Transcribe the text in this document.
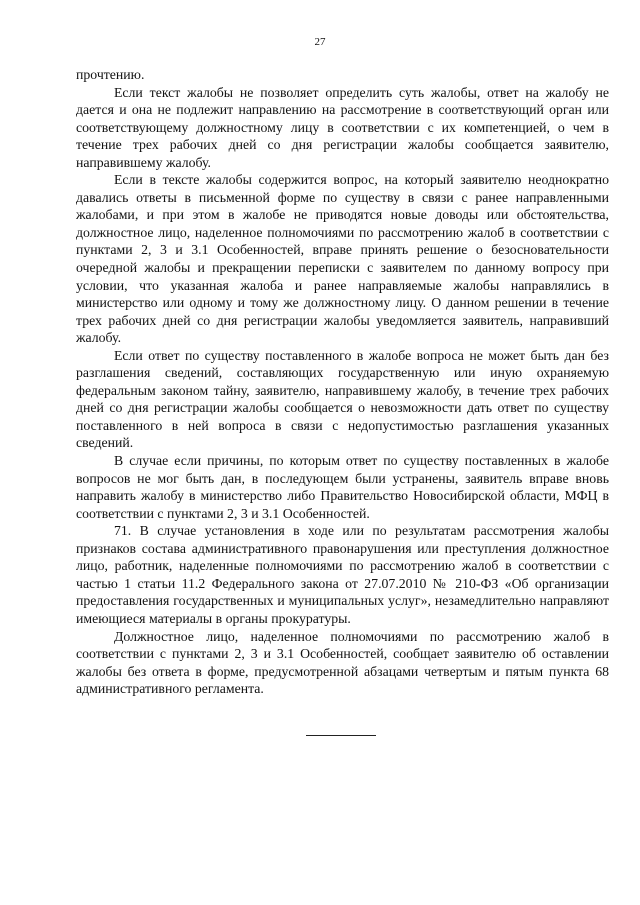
27

прочтению.

Если текст жалобы не позволяет определить суть жалобы, ответ на жалобу не дается и она не подлежит направлению на рассмотрение в соответствующий орган или соответствующему должностному лицу в соответствии с их компетенцией, о чем в течение трех рабочих дней со дня регистрации жалобы сообщается заявителю, направившему жалобу.

Если в тексте жалобы содержится вопрос, на который заявителю неоднократно давались ответы в письменной форме по существу в связи с ранее направленными жалобами, и при этом в жалобе не приводятся новые доводы или обстоятельства, должностное лицо, наделенное полномочиями по рассмотрению жалоб в соответствии с пунктами 2, 3 и 3.1 Особенностей, вправе принять решение о безосновательности очередной жалобы и прекращении переписки с заявителем по данному вопросу при условии, что указанная жалоба и ранее направляемые жалобы направлялись в министерство или одному и тому же должностному лицу. О данном решении в течение трех рабочих дней со дня регистрации жалобы уведомляется заявитель, направивший жалобу.

Если ответ по существу поставленного в жалобе вопроса не может быть дан без разглашения сведений, составляющих государственную или иную охраняемую федеральным законом тайну, заявителю, направившему жалобу, в течение трех рабочих дней со дня регистрации жалобы сообщается о невозможности дать ответ по существу поставленного в ней вопроса в связи с недопустимостью разглашения указанных сведений.

В случае если причины, по которым ответ по существу поставленных в жалобе вопросов не мог быть дан, в последующем были устранены, заявитель вправе вновь направить жалобу в министерство либо Правительство Новосибирской области, МФЦ в соответствии с пунктами 2, 3 и 3.1 Особенностей.

71. В случае установления в ходе или по результатам рассмотрения жалобы признаков состава административного правонарушения или преступления должностное лицо, работник, наделенные полномочиями по рассмотрению жалоб в соответствии с частью 1 статьи 11.2 Федерального закона от 27.07.2010 № 210-ФЗ «Об организации предоставления государственных и муниципальных услуг», незамедлительно направляют имеющиеся материалы в органы прокуратуры.

Должностное лицо, наделенное полномочиями по рассмотрению жалоб в соответствии с пунктами 2, 3 и 3.1 Особенностей, сообщает заявителю об оставлении жалобы без ответа в форме, предусмотренной абзацами четвертым и пятым пункта 68 административного регламента.
